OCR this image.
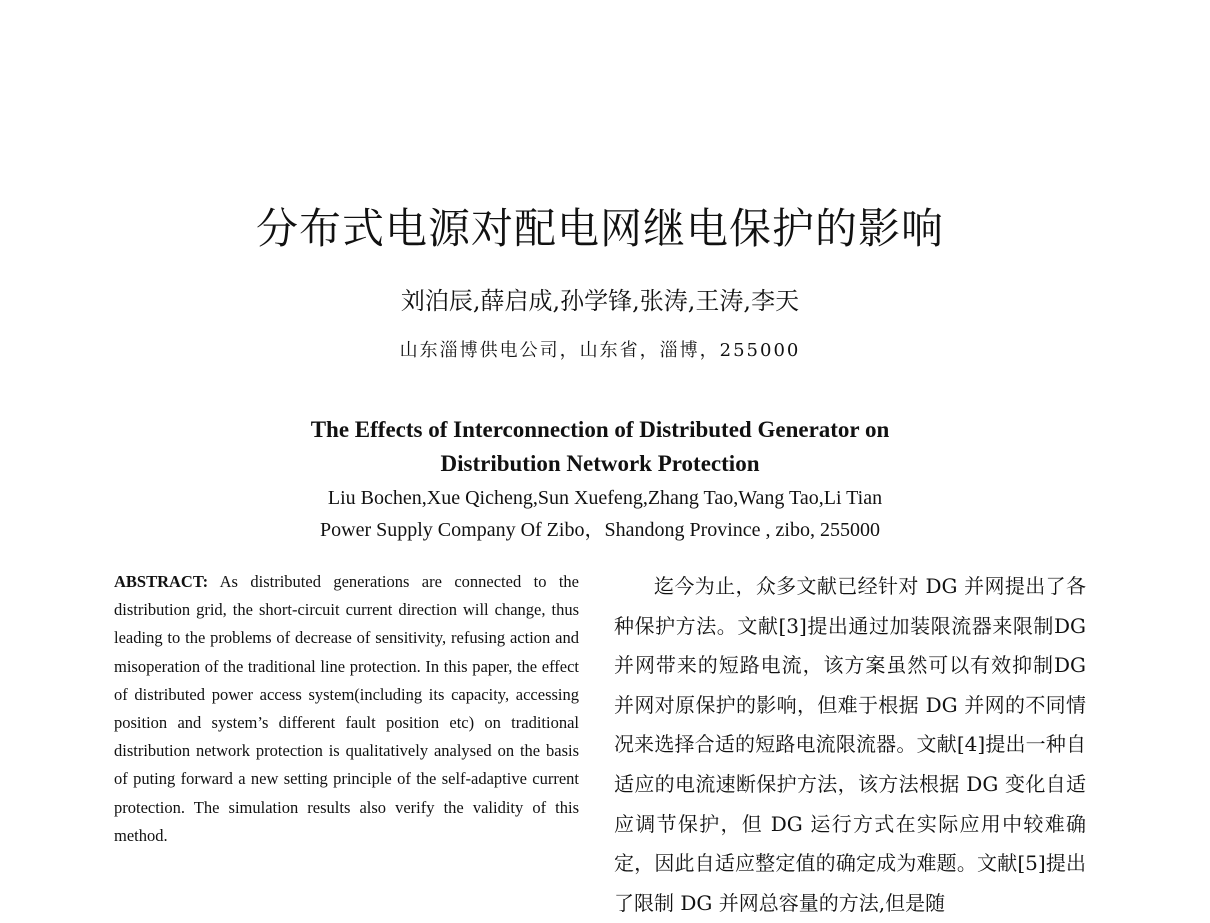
分布式电源对配电网继电保护的影响
刘泊辰,薛启成,孙学锋,张涛,王涛,李天
山东淄博供电公司，山东省，淄博，255000
The Effects of Interconnection of Distributed Generator on Distribution Network Protection
Liu Bochen,Xue Qicheng,Sun Xuefeng,Zhang Tao,Wang Tao,Li Tian
Power Supply Company Of Zibo，Shandong Province , zibo, 255000
ABSTRACT: As distributed generations are connected to the distribution grid, the short-circuit current direction will change, thus leading to the problems of decrease of sensitivity, refusing action and misoperation of the traditional line protection. In this paper, the effect of distributed power access system(including its capacity, accessing position and system’s different fault position etc) on traditional distribution network protection is qualitatively analysed on the basis of puting forward a new setting principle of the self-adaptive current protection. The simulation results also verify the validity of this method.

迄今为止，众多文献已经针对 DG 并网提出了各种保护方法。文献[3]提出通过加装限流器来限制DG 并网带来的短路电流，该方案虽然可以有效抑制DG 并网对原保护的影响，但难于根据 DG 并网的不同情况来选择合适的短路电流限流器。文献[4]提出一种自适应的电流速断保护方法，该方法根据 DG 变化自适应调节保护，但 DG 运行方式在实际应用中较难确定，因此自适应整定值的确定成为难题。文献[5]提出了限制 DG 并网总容量的方法,但是随
